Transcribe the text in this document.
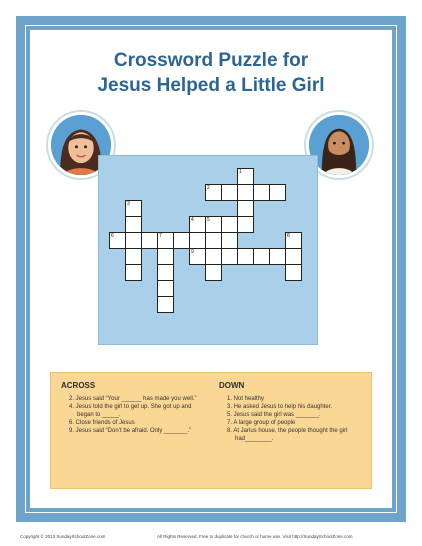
Crossword Puzzle for
Jesus Helped a Little Girl
1
2
3
4	5
6	7	8
9
ACROSS
2. Jesus said “Your ______ has made you well.”
4. Jesus told the girl to get up. She got up and began to _____.
6. Close friends of Jesus
9. Jesus said “Don’t be afraid. Only _______.”
DOWN
1. Not healthy
3. He asked Jesus to help his daughter.
5. Jesus said the girl was _______.
7. A large group of people
8. At Jarius house, the people thought the girl had________.
Copyright © 2013 SundaySchoolZone.com	All Rights Reserved. Free to duplicate for church or home use. Visit http://SundaySchoolZone.com
